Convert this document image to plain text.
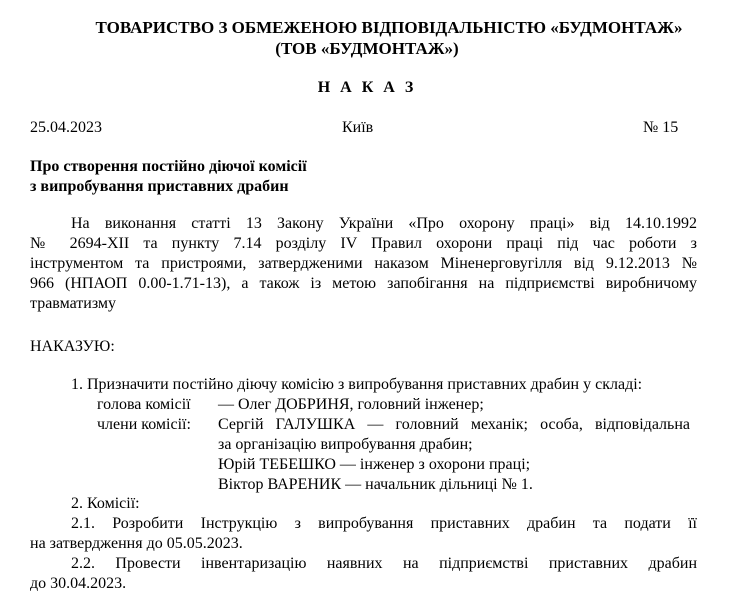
ТОВАРИСТВО З ОБМЕЖЕНОЮ ВІДПОВІДАЛЬНІСТЮ «БУДМОНТАЖ»
(ТОВ «БУДМОНТАЖ»)
Н А К А З
25.04.2023	Київ	№ 15
Про створення постійно діючої комісії
з випробування приставних драбин
На виконання статті 13 Закону України «Про охорону праці» від 14.10.1992
№ 2694-XII та пункту 7.14 розділу IV Правил охорони праці під час роботи з
інструментом та пристроями, затвердженими наказом Міненерговугілля від 9.12.2013 №
966 (НПАОП 0.00-1.71-13), а також із метою запобігання на підприємстві виробничому
травматизму
НАКАЗУЮ:
1. Призначити постійно діючу комісію з випробування приставних драбин у складі:
голова комісії — Олег ДОБРИНЯ, головний інженер;
члени комісії: Сергій ГАЛУШКА — головний механік; особа, відповідальна
за організацію випробування драбин;
Юрій ТЕБЕШКО — інженер з охорони праці;
Віктор ВАРЕНИК — начальник дільниці № 1.
2. Комісії:
2.1. Розробити Інструкцію з випробування приставних драбин та подати її
на затвердження до 05.05.2023.
2.2. Провести інвентаризацію наявних на підприємстві приставних драбин
до 30.04.2023.
